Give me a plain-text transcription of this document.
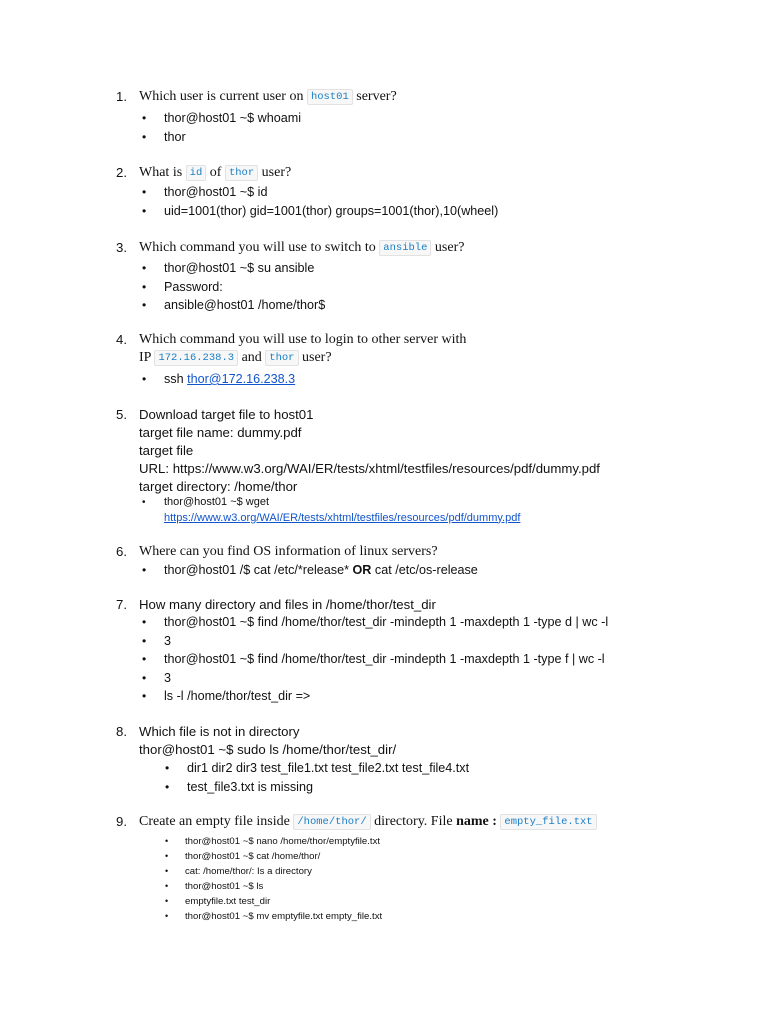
1. Which user is current user on host01 server?
• thor@host01 ~$ whoami
• thor
2. What is id of thor user?
• thor@host01 ~$ id
• uid=1001(thor) gid=1001(thor) groups=1001(thor),10(wheel)
3. Which command you will use to switch to ansible user?
• thor@host01 ~$ su ansible
• Password:
• ansible@host01 /home/thor$
4. Which command you will use to login to other server with
IP 172.16.238.3 and thor user?
• ssh thor@172.16.238.3
5. Download target file to host01
target file name: dummy.pdf
target file
URL: https://www.w3.org/WAI/ER/tests/xhtml/testfiles/resources/pdf/dummy.pdf
target directory: /home/thor
• thor@host01 ~$ wget
https://www.w3.org/WAI/ER/tests/xhtml/testfiles/resources/pdf/dummy.pdf
6. Where can you find OS information of linux servers?
• thor@host01 /$ cat /etc/*release* OR cat /etc/os-release
7. How many directory and files in /home/thor/test_dir
• thor@host01 ~$ find /home/thor/test_dir -mindepth 1 -maxdepth 1 -type d | wc -l
• 3
• thor@host01 ~$ find /home/thor/test_dir -mindepth 1 -maxdepth 1 -type f | wc -l
• 3
• ls -l /home/thor/test_dir =>
8. Which file is not in directory
thor@host01 ~$ sudo ls /home/thor/test_dir/
• dir1 dir2 dir3 test_file1.txt test_file2.txt test_file4.txt
• test_file3.txt is missing
9. Create an empty file inside /home/thor/ directory. File name : empty_file.txt
• thor@host01 ~$ nano /home/thor/emptyfile.txt
• thor@host01 ~$ cat /home/thor/
• cat: /home/thor/: Is a directory
• thor@host01 ~$ ls
• emptyfile.txt test_dir
• thor@host01 ~$ mv emptyfile.txt empty_file.txt
